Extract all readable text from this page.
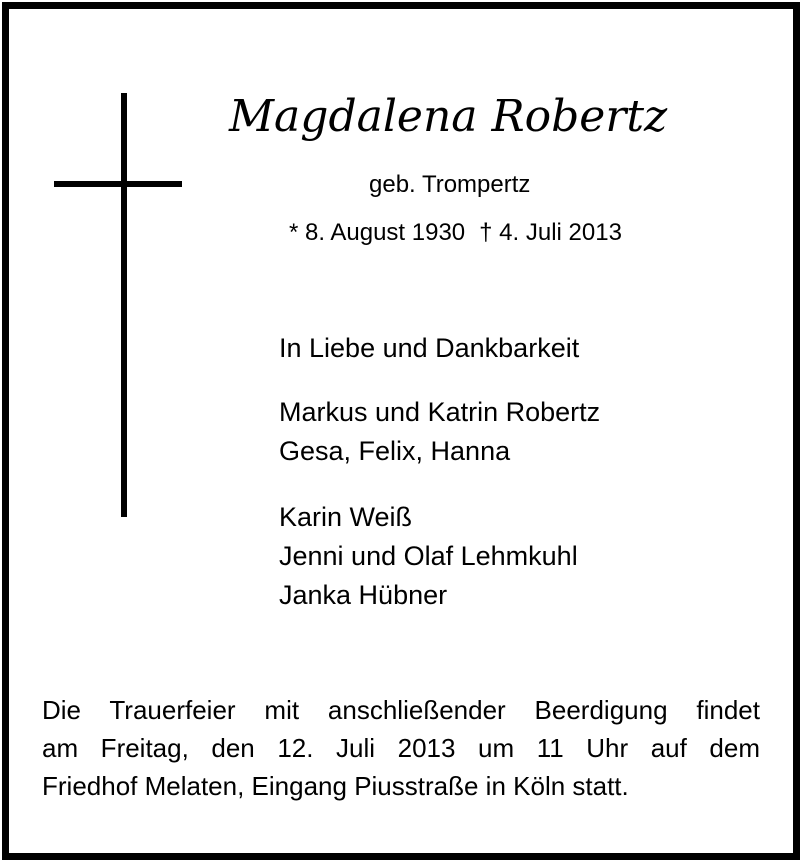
Magdalena Robertz
geb. Trompertz
* 8. August 1930 † 4. Juli 2013
In Liebe und Dankbarkeit
Markus und Katrin Robertz
Gesa, Felix, Hanna
Karin Weiß
Jenni und Olaf Lehmkuhl
Janka Hübner
Die Trauerfeier mit anschließender Beerdigung findet
am Freitag, den 12. Juli 2013 um 11 Uhr auf dem
Friedhof Melaten, Eingang Piusstraße in Köln statt.
